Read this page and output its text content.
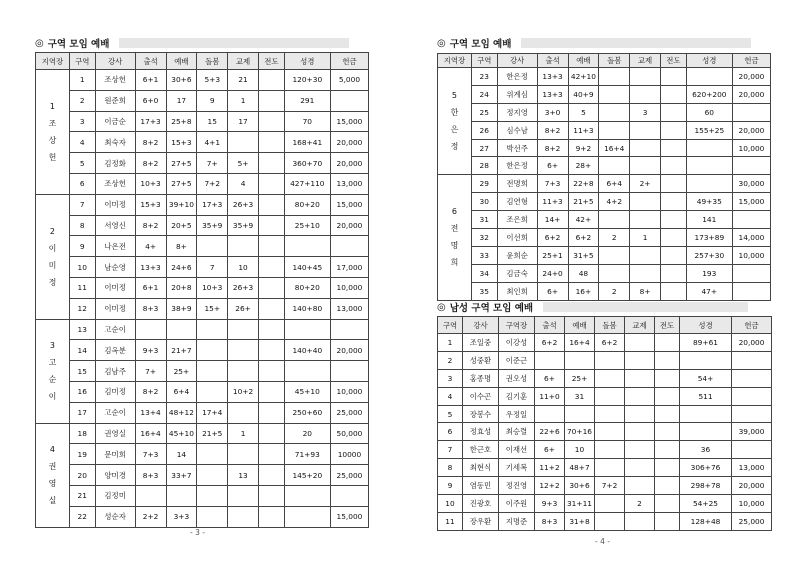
◎ 구역 모임 예배
지역장	구역	강사	출석	예배	돌봄	교제	전도	성경	헌금

1
조
상
헌	1	조상헌	6+1	30+6	5+3	21		120+30	5,000
	2	원준희	6+0	17	9	1		291	
	3	이금순	17+3	25+8	15	17		70	15,000
	4	최숙자	8+2	15+3	4+1			168+41	20,000
	5	김정화	8+2	27+5	7+	5+		360+70	20,000
	6	조상헌	10+3	27+5	7+2	4		427+110	13,000

2
이
미
정	7	이미정	15+3	39+10	17+3	26+3		80+20	15,000
	8	서영신	8+2	20+5	35+9	35+9		25+10	20,000
	9	나온전	4+	8+					
	10	남순영	13+3	24+6	7	10		140+45	17,000
	11	이미정	6+1	20+8	10+3	26+3		80+20	10,000
	12	이미정	8+3	38+9	15+	26+		140+80	13,000

3
고
순
이	13	고순이							
	14	김옥분	9+3	21+7				140+40	20,000
	15	김남주	7+	25+					
	16	김미정	8+2	6+4		10+2		45+10	10,000
	17	고순이	13+4	48+12	17+4			250+60	25,000

4
권
영
실	18	권영실	16+4	45+10	21+5	1		20	50,000
	19	문미희	7+3	14				71+93	10000
	20	양미경	8+3	33+7		13		145+20	25,000
	21	김정미							
	22	성순자	2+2	3+3					15,000
- 3 -
◎ 구역 모임 예배
지역장	구역	강사	출석	예배	돌봄	교제	전도	성경	헌금

5
한
은
정	23	한은정	13+3	42+10					20,000
	24	위계심	13+3	40+9				620+200	20,000
	25	정지영	3+0	5		3		60	
	26	심수남	8+2	11+3				155+25	20,000
	27	박선주	8+2	9+2	16+4				10,000
	28	한은정	6+	28+					

6
전
명
희	29	전명희	7+3	22+8	6+4	2+			30,000
	30	김연형	11+3	21+5	4+2			49+35	15,000
	31	조은희	14+	42+				141	
	32	이선희	6+2	6+2	2	1		173+89	14,000
	33	윤희순	25+1	31+5				257+30	10,000
	34	김금숙	24+0	48				193	
	35	최인희	6+	16+	2	8+		47+	
◎ 남성 구역 모임 예배
구역	강사	구역장	출석	예배	돌봄	교제	전도	성경	헌금
1	조일중	이강성	6+2	16+4	6+2			89+61	20,000
2	성중환	이준근							
3	홍종명	권오성	6+	25+				54+	
4	이수곤	김기훈	11+0	31				511	
5	장봉수	우정일							
6	정효성	최승렬	22+6	70+16					39,000
7	한근호	이재선	6+	10				36	
8	최현식	기세복	11+2	48+7				306+76	13,000
9	염동민	정진영	12+2	30+6	7+2			298+78	20,000
10	진광호	이주원	9+3	31+11		2		54+25	10,000
11	장우환	지명준	8+3	31+8				128+48	25,000
- 4 -
